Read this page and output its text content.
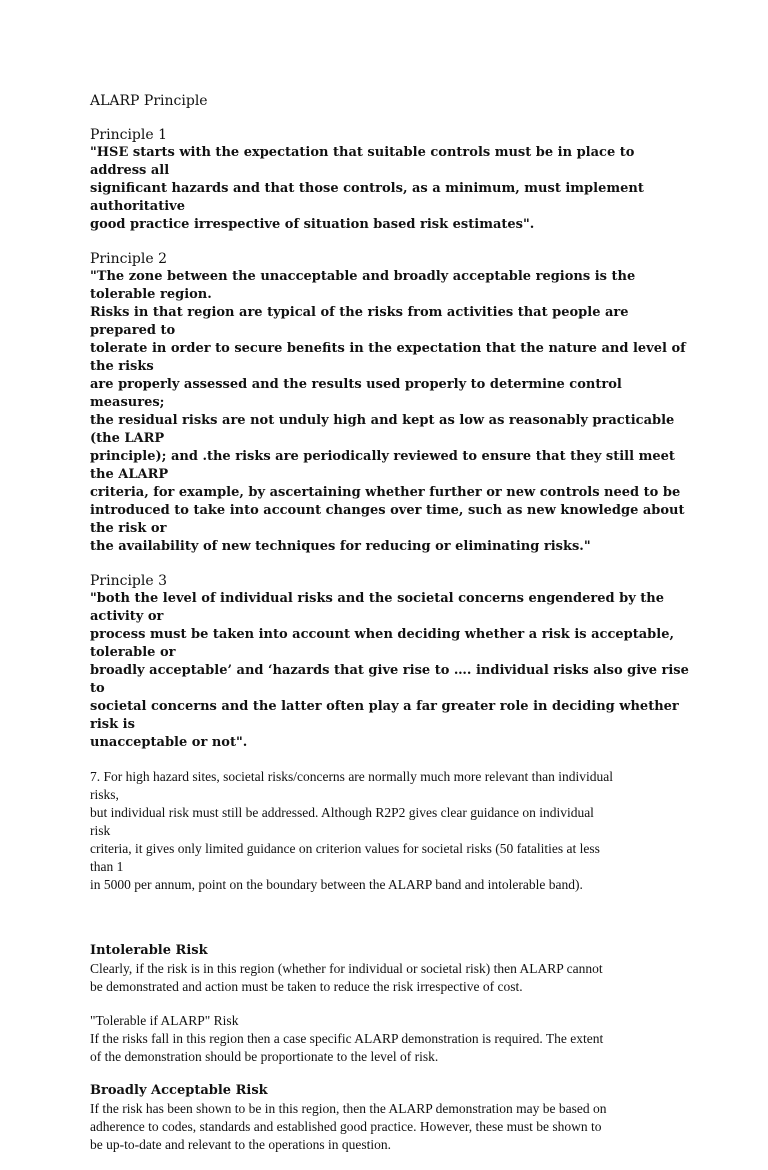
ALARP Principle
Principle 1

"HSE starts with the expectation that suitable controls must be in place to address all
significant hazards and that those controls, as a minimum, must implement authoritative
good practice irrespective of situation based risk estimates".

Principle 2

"The zone between the unacceptable and broadly acceptable regions is the tolerable region.
Risks in that region are typical of the risks from activities that people are prepared to
tolerate in order to secure benefits in the expectation that the nature and level of the risks
are properly assessed and the results used properly to determine control measures;
the residual risks are not unduly high and kept as low as reasonably practicable (the LARP
principle); and .the risks are periodically reviewed to ensure that they still meet the ALARP
criteria, for example, by ascertaining whether further or new controls need to be
introduced to take into account changes over time, such as new knowledge about the risk or
the availability of new techniques for reducing or eliminating risks."

Principle 3

"both the level of individual risks and the societal concerns engendered by the activity or
process must be taken into account when deciding whether a risk is acceptable, tolerable or
broadly acceptable’ and ‘hazards that give rise to …. individual risks also give rise to
societal concerns and the latter often play a far greater role in deciding whether risk is
unacceptable or not".

7. For high hazard sites, societal risks/concerns are normally much more relevant than individual
risks,
but individual risk must still be addressed. Although R2P2 gives clear guidance on individual
risk
criteria, it gives only limited guidance on criterion values for societal risks (50 fatalities at less
than 1
in 5000 per annum, point on the boundary between the ALARP band and intolerable band).

Intolerable Risk

Clearly, if the risk is in this region (whether for individual or societal risk) then ALARP cannot
be demonstrated and action must be taken to reduce the risk irrespective of cost.

"Tolerable if ALARP" Risk

If the risks fall in this region then a case specific ALARP demonstration is required. The extent
of the demonstration should be proportionate to the level of risk.

Broadly Acceptable Risk

If the risk has been shown to be in this region, then the ALARP demonstration may be based on
adherence to codes, standards and established good practice. However, these must be shown to
be up-to-date and relevant to the operations in question.
